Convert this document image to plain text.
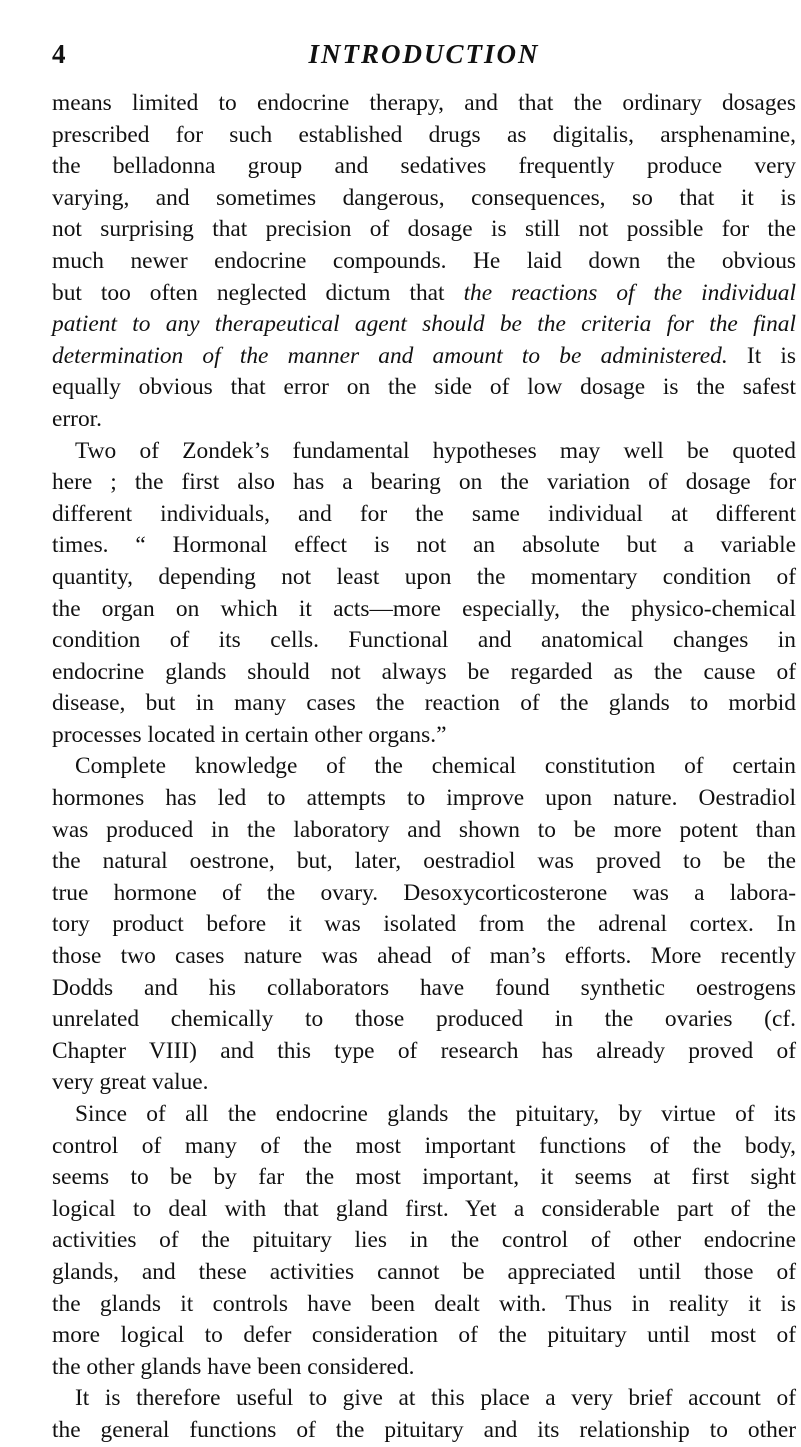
4	INTRODUCTION
means limited to endocrine therapy, and that the ordinary dosages
prescribed for such established drugs as digitalis, arsphenamine,
the belladonna group and sedatives frequently produce very
varying, and sometimes dangerous, consequences, so that it is
not surprising that precision of dosage is still not possible for the
much newer endocrine compounds. He laid down the obvious
but too often neglected dictum that the reactions of the individual
patient to any therapeutical agent should be the criteria for the final
determination of the manner and amount to be administered. It is
equally obvious that error on the side of low dosage is the safest
error.
Two of Zondek’s fundamental hypotheses may well be quoted
here ; the first also has a bearing on the variation of dosage for
different individuals, and for the same individual at different
times. “ Hormonal effect is not an absolute but a variable
quantity, depending not least upon the momentary condition of
the organ on which it acts—more especially, the physico-chemical
condition of its cells. Functional and anatomical changes in
endocrine glands should not always be regarded as the cause of
disease, but in many cases the reaction of the glands to morbid
processes located in certain other organs.”
Complete knowledge of the chemical constitution of certain
hormones has led to attempts to improve upon nature. Oestradiol
was produced in the laboratory and shown to be more potent than
the natural oestrone, but, later, oestradiol was proved to be the
true hormone of the ovary. Desoxycorticosterone was a labora-
tory product before it was isolated from the adrenal cortex. In
those two cases nature was ahead of man’s efforts. More recently
Dodds and his collaborators have found synthetic oestrogens
unrelated chemically to those produced in the ovaries (cf.
Chapter VIII) and this type of research has already proved of
very great value.
Since of all the endocrine glands the pituitary, by virtue of its
control of many of the most important functions of the body,
seems to be by far the most important, it seems at first sight
logical to deal with that gland first. Yet a considerable part of the
activities of the pituitary lies in the control of other endocrine
glands, and these activities cannot be appreciated until those of
the glands it controls have been dealt with. Thus in reality it is
more logical to defer consideration of the pituitary until most of
the other glands have been considered.
It is therefore useful to give at this place a very brief account of
the general functions of the pituitary and its relationship to other
